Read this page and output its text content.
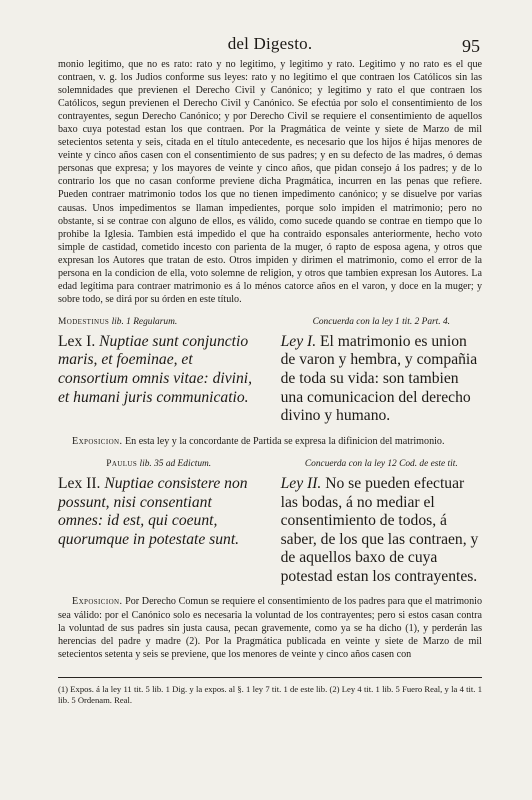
del Digesto.	95

monio legitimo, que no es rato: rato y no legitimo, y legitimo y rato. Legitimo y no rato es el que contraen, v. g. los Judios conforme sus leyes: rato y no legitimo el que contraen los Católicos sin las solemnidades que previenen el Derecho Civil y Canónico; y legitimo y rato el que contraen los Católicos, segun previenen el Derecho Civil y Canónico. Se efectúa por solo el consentimiento de los contrayentes, segun Derecho Canónico; y por Derecho Civil se requiere el consentimiento de aquellos baxo cuya potestad estan los que contraen. Por la Pragmática de veinte y siete de Marzo de mil setecientos setenta y seis, citada en el título antecedente, es necesario que los hijos é hijas menores de veinte y cinco años casen con el consentimiento de sus padres; y en su defecto de las madres, ó demas personas que expresa; y los mayores de veinte y cinco años, que pidan consejo á los padres; y de lo contrario los que no casan conforme previene dicha Pragmática, incurren en las penas que refiere. Pueden contraer matrimonio todos los que no tienen impedimento canónico; y se disuelve por varias causas. Unos impedimentos se llaman impedientes, porque solo impiden el matrimonio; pero no obstante, si se contrae con alguno de ellos, es válido, como sucede quando se contrae en tiempo que lo prohibe la Iglesia. Tambien está impedido el que ha contraido esponsales anteriormente, hecho voto simple de castidad, cometido incesto con parienta de la muger, ó rapto de esposa agena, y otros que expresan los Autores que tratan de esto. Otros impiden y dirimen el matrimonio, como el error de la persona en la condicion de ella, voto solemne de religion, y otros que tambien expresan los Autores. La edad legítima para contraer matrimonio es á lo ménos catorce años en el varon, y doce en la muger; y sobre todo, se dirá por su órden en este título.

Modestinus lib. 1 Regularum.

Lex I. Nuptiae sunt conjunctio maris, et foeminae, et consortium omnis vitae: divini, et humani juris communicatio.

Concuerda con la ley 1 tit. 2 Part. 4.

Ley I. El matrimonio es union de varon y hembra, y compañia de toda su vida: son tambien una comunicacion del derecho divino y humano.

Exposicion. En esta ley y la concordante de Partida se expresa la difinicion del matrimonio.

Paulus lib. 35 ad Edictum.

Lex II. Nuptiae consistere non possunt, nisi consentiant omnes: id est, qui coeunt, quorumque in potestate sunt.

Concuerda con la ley 12 Cod. de este tit.

Ley II. No se pueden efectuar las bodas, á no mediar el consentimiento de todos, á saber, de los que las contraen, y de aquellos baxo de cuya potestad estan los contrayentes.

Exposicion. Por Derecho Comun se requiere el consentimiento de los padres para que el matrimonio sea válido: por el Canónico solo es necesaria la voluntad de los contrayentes; pero si estos casan contra la voluntad de sus padres sin justa causa, pecan gravemente, como ya se ha dicho (1), y perderán las herencias del padre y madre (2). Por la Pragmática publicada en veinte y siete de Marzo de mil setecientos setenta y seis se previene, que los menores de veinte y cinco años casen con

(1) Expos. á la ley 11 tit. 5 lib. 1 Dig. y la expos. al §. 1 ley 7 tit. 1 de este lib. (2) Ley 4 tit. 1 lib. 5 Fuero Real, y la 4 tit. 1 lib. 5 Ordenam. Real.
